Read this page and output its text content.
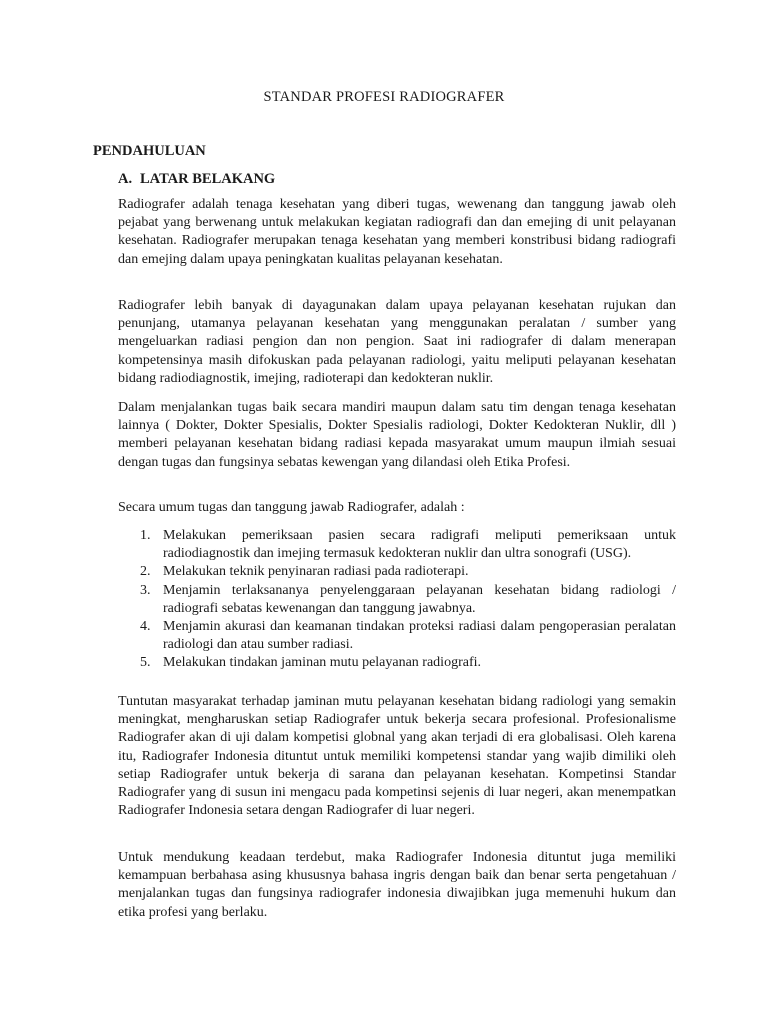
STANDAR PROFESI RADIOGRAFER
PENDAHULUAN
A. LATAR BELAKANG

Radiografer adalah tenaga kesehatan yang diberi tugas, wewenang dan tanggung jawab oleh pejabat yang berwenang untuk melakukan kegiatan radiografi dan dan emejing di unit pelayanan kesehatan. Radiografer merupakan tenaga kesehatan yang memberi konstribusi bidang radiografi dan emejing dalam upaya peningkatan kualitas pelayanan kesehatan.

Radiografer lebih banyak di dayagunakan dalam upaya pelayanan kesehatan rujukan dan penunjang, utamanya pelayanan kesehatan yang menggunakan peralatan / sumber yang mengeluarkan radiasi pengion dan non pengion. Saat ini radiografer di dalam menerapan kompetensinya masih difokuskan pada pelayanan radiologi, yaitu meliputi pelayanan kesehatan bidang radiodiagnostik, imejing, radioterapi dan kedokteran nuklir.

Dalam menjalankan tugas baik secara mandiri maupun dalam satu tim dengan tenaga kesehatan lainnya ( Dokter, Dokter Spesialis, Dokter Spesialis radiologi, Dokter Kedokteran Nuklir, dll ) memberi pelayanan kesehatan bidang radiasi kepada masyarakat umum maupun ilmiah sesuai dengan tugas dan fungsinya sebatas kewengan yang dilandasi oleh Etika Profesi.

Secara umum tugas dan tanggung jawab Radiografer, adalah :

1. Melakukan pemeriksaan pasien secara radigrafi meliputi pemeriksaan untuk radiodiagnostik dan imejing termasuk kedokteran nuklir dan ultra sonografi (USG).
2. Melakukan teknik penyinaran radiasi pada radioterapi.
3. Menjamin terlaksananya penyelenggaraan pelayanan kesehatan bidang radiologi / radiografi sebatas kewenangan dan tanggung jawabnya.
4. Menjamin akurasi dan keamanan tindakan proteksi radiasi dalam pengoperasian peralatan radiologi dan atau sumber radiasi.
5. Melakukan tindakan jaminan mutu pelayanan radiografi.

Tuntutan masyarakat terhadap jaminan mutu pelayanan kesehatan bidang radiologi yang semakin meningkat, mengharuskan setiap Radiografer untuk bekerja secara profesional. Profesionalisme Radiografer akan di uji dalam kompetisi globnal yang akan terjadi di era globalisasi. Oleh karena itu, Radiografer Indonesia dituntut untuk memiliki kompetensi standar yang wajib dimiliki oleh setiap Radiografer untuk bekerja di sarana dan pelayanan kesehatan. Kompetinsi Standar Radiografer yang di susun ini mengacu pada kompetinsi sejenis di luar negeri, akan menempatkan Radiografer Indonesia setara dengan Radiografer di luar negeri.

Untuk mendukung keadaan terdebut, maka Radiografer Indonesia dituntut juga memiliki kemampuan berbahasa asing khususnya bahasa ingris dengan baik dan benar serta pengetahuan / menjalankan tugas dan fungsinya radiografer indonesia diwajibkan juga memenuhi hukum dan etika profesi yang berlaku.
